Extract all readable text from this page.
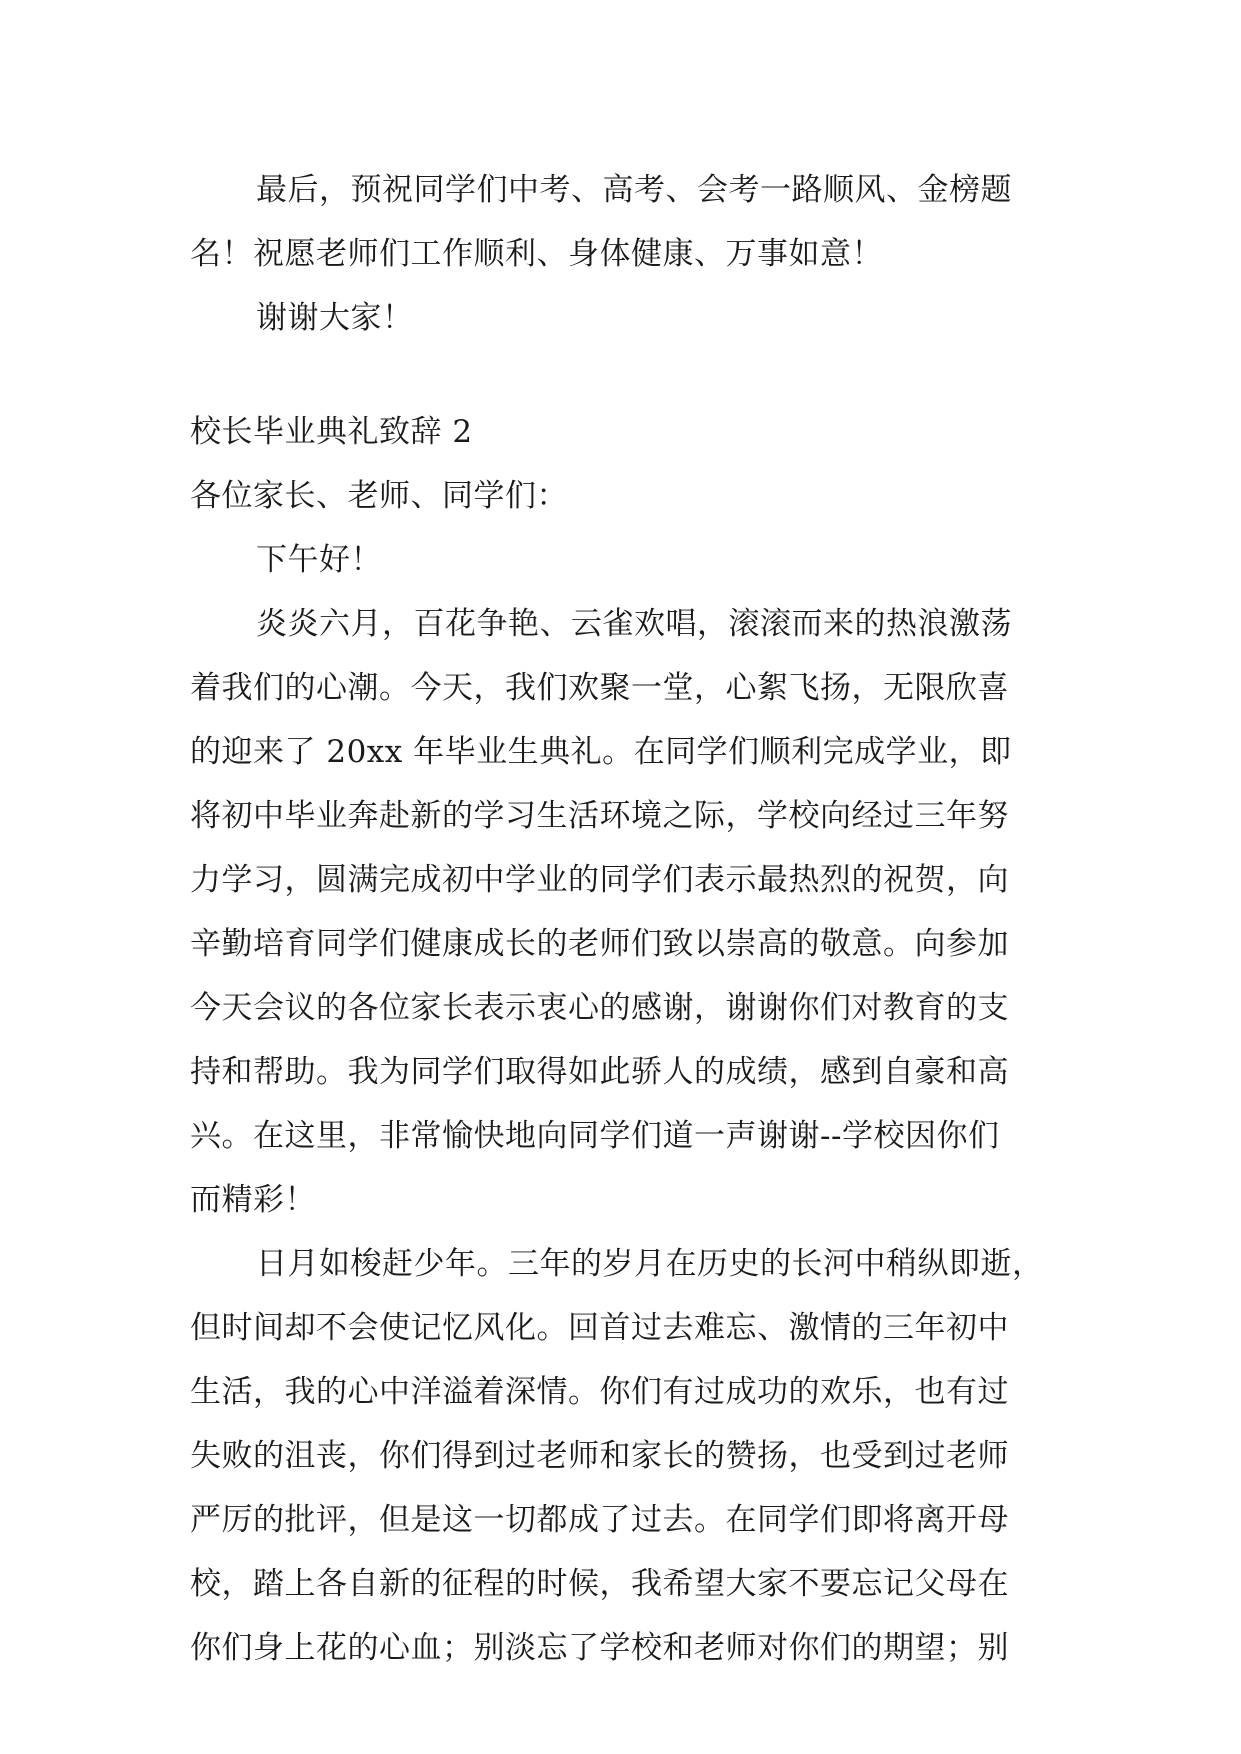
最后，预祝同学们中考、高考、会考一路顺风、金榜题
名！祝愿老师们工作顺利、身体健康、万事如意！
谢谢大家！
校长毕业典礼致辞 2
各位家长、老师、同学们：
下午好！
炎炎六月，百花争艳、云雀欢唱，滚滚而来的热浪激荡
着我们的心潮。今天，我们欢聚一堂，心絮飞扬，无限欣喜
的迎来了 20xx 年毕业生典礼。在同学们顺利完成学业，即
将初中毕业奔赴新的学习生活环境之际，学校向经过三年努
力学习，圆满完成初中学业的同学们表示最热烈的祝贺，向
辛勤培育同学们健康成长的老师们致以崇高的敬意。向参加
今天会议的各位家长表示衷心的感谢，谢谢你们对教育的支
持和帮助。我为同学们取得如此骄人的成绩，感到自豪和高
兴。在这里，非常愉快地向同学们道一声谢谢--学校因你们
而精彩！
日月如梭赶少年。三年的岁月在历史的长河中稍纵即逝，
但时间却不会使记忆风化。回首过去难忘、激情的三年初中
生活，我的心中洋溢着深情。你们有过成功的欢乐，也有过
失败的沮丧，你们得到过老师和家长的赞扬，也受到过老师
严厉的批评，但是这一切都成了过去。在同学们即将离开母
校，踏上各自新的征程的时候，我希望大家不要忘记父母在
你们身上花的心血；别淡忘了学校和老师对你们的期望；别
